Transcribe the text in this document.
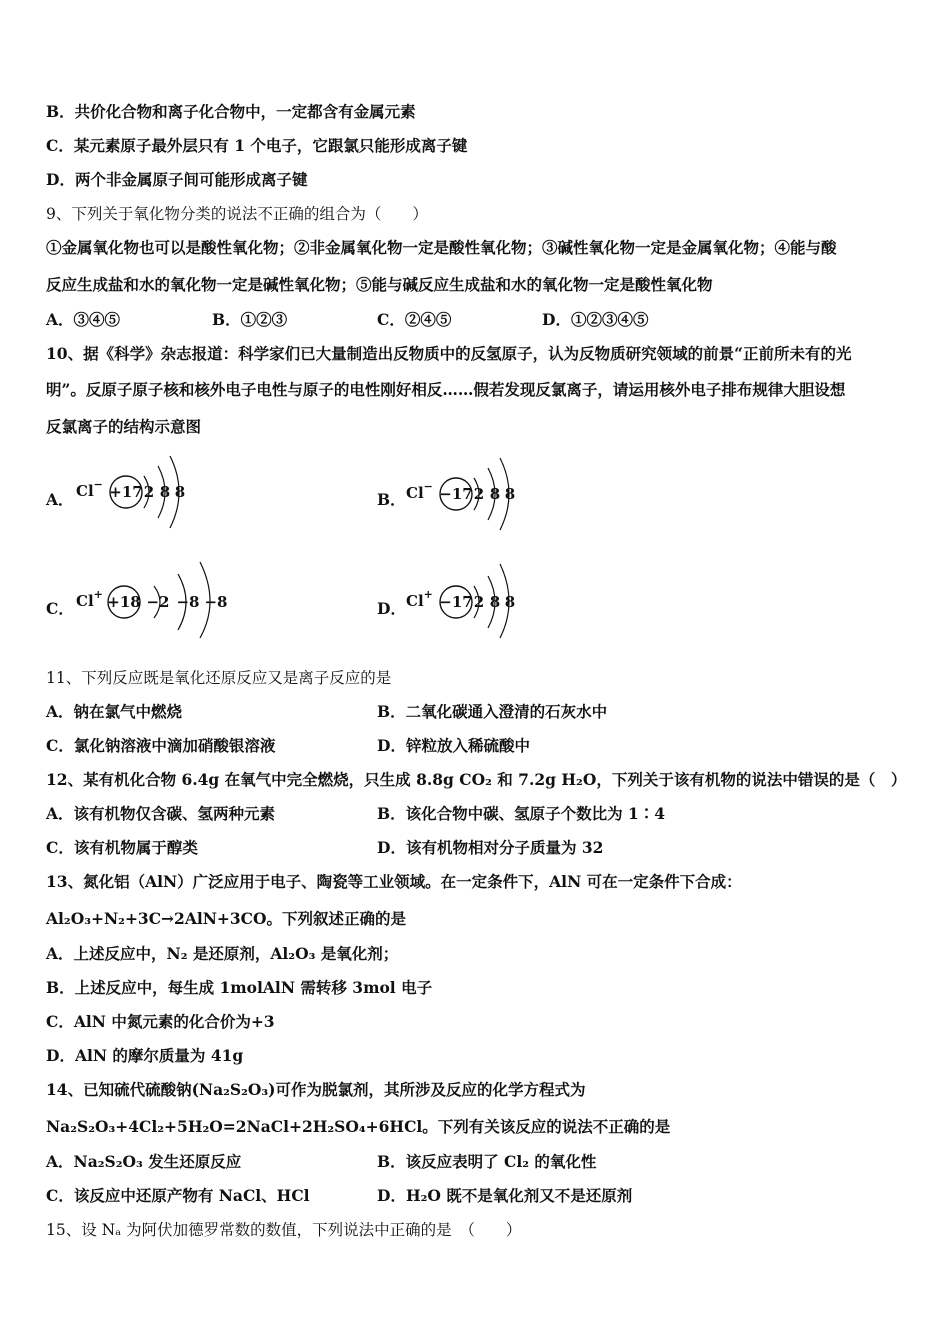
B．共价化合物和离子化合物中，一定都含有金属元素
C．某元素原子最外层只有 1 个电子，它跟氯只能形成离子键
D．两个非金属原子间可能形成离子键
9、下列关于氧化物分类的说法不正确的组合为（　　）
①金属氧化物也可以是酸性氧化物；②非金属氧化物一定是酸性氧化物；③碱性氧化物一定是金属氧化物；④能与酸
反应生成盐和水的氧化物一定是碱性氧化物；⑤能与碱反应生成盐和水的氧化物一定是酸性氧化物
A．③④⑤	B．①②③	C．②④⑤	D．①②③④⑤
10、据《科学》杂志报道：科学家们已大量制造出反物质中的反氢原子，认为反物质研究领域的前景“正前所未有的光
明”。反原子原子核和核外电子电性与原子的电性刚好相反……假若发现反氯离子，请运用核外电子排布规律大胆设想
反氯离子的结构示意图
A． Cl− +17 2 8 8	B． Cl− −17 2 8 8
C． Cl+ +18 −2 −8 −8	D． Cl+ −17 2 8 8
11、下列反应既是氧化还原反应又是离子反应的是
A．钠在氯气中燃烧	B．二氧化碳通入澄清的石灰水中
C．氯化钠溶液中滴加硝酸银溶液	D．锌粒放入稀硫酸中
12、某有机化合物 6.4g 在氧气中完全燃烧，只生成 8.8g CO₂ 和 7.2g H₂O，下列关于该有机物的说法中错误的是（　）
A．该有机物仅含碳、氢两种元素	B．该化合物中碳、氢原子个数比为 1∶4
C．该有机物属于醇类	D．该有机物相对分子质量为 32
13、氮化铝（AlN）广泛应用于电子、陶瓷等工业领域。在一定条件下，AlN 可在一定条件下合成：
Al₂O₃+N₂+3C→2AlN+3CO。下列叙述正确的是
A．上述反应中，N₂ 是还原剂，Al₂O₃ 是氧化剂；
B．上述反应中，每生成 1molAlN 需转移 3mol 电子
C．AlN 中氮元素的化合价为+3
D．AlN 的摩尔质量为 41g
14、已知硫代硫酸钠(Na₂S₂O₃)可作为脱氯剂，其所涉及反应的化学方程式为
Na₂S₂O₃+4Cl₂+5H₂O=2NaCl+2H₂SO₄+6HCl。下列有关该反应的说法不正确的是
A．Na₂S₂O₃ 发生还原反应	B．该反应表明了 Cl₂ 的氧化性
C．该反应中还原产物有 NaCl、HCl	D．H₂O 既不是氧化剂又不是还原剂
15、设 Nₐ 为阿伏加德罗常数的数值，下列说法中正确的是　（　　）
